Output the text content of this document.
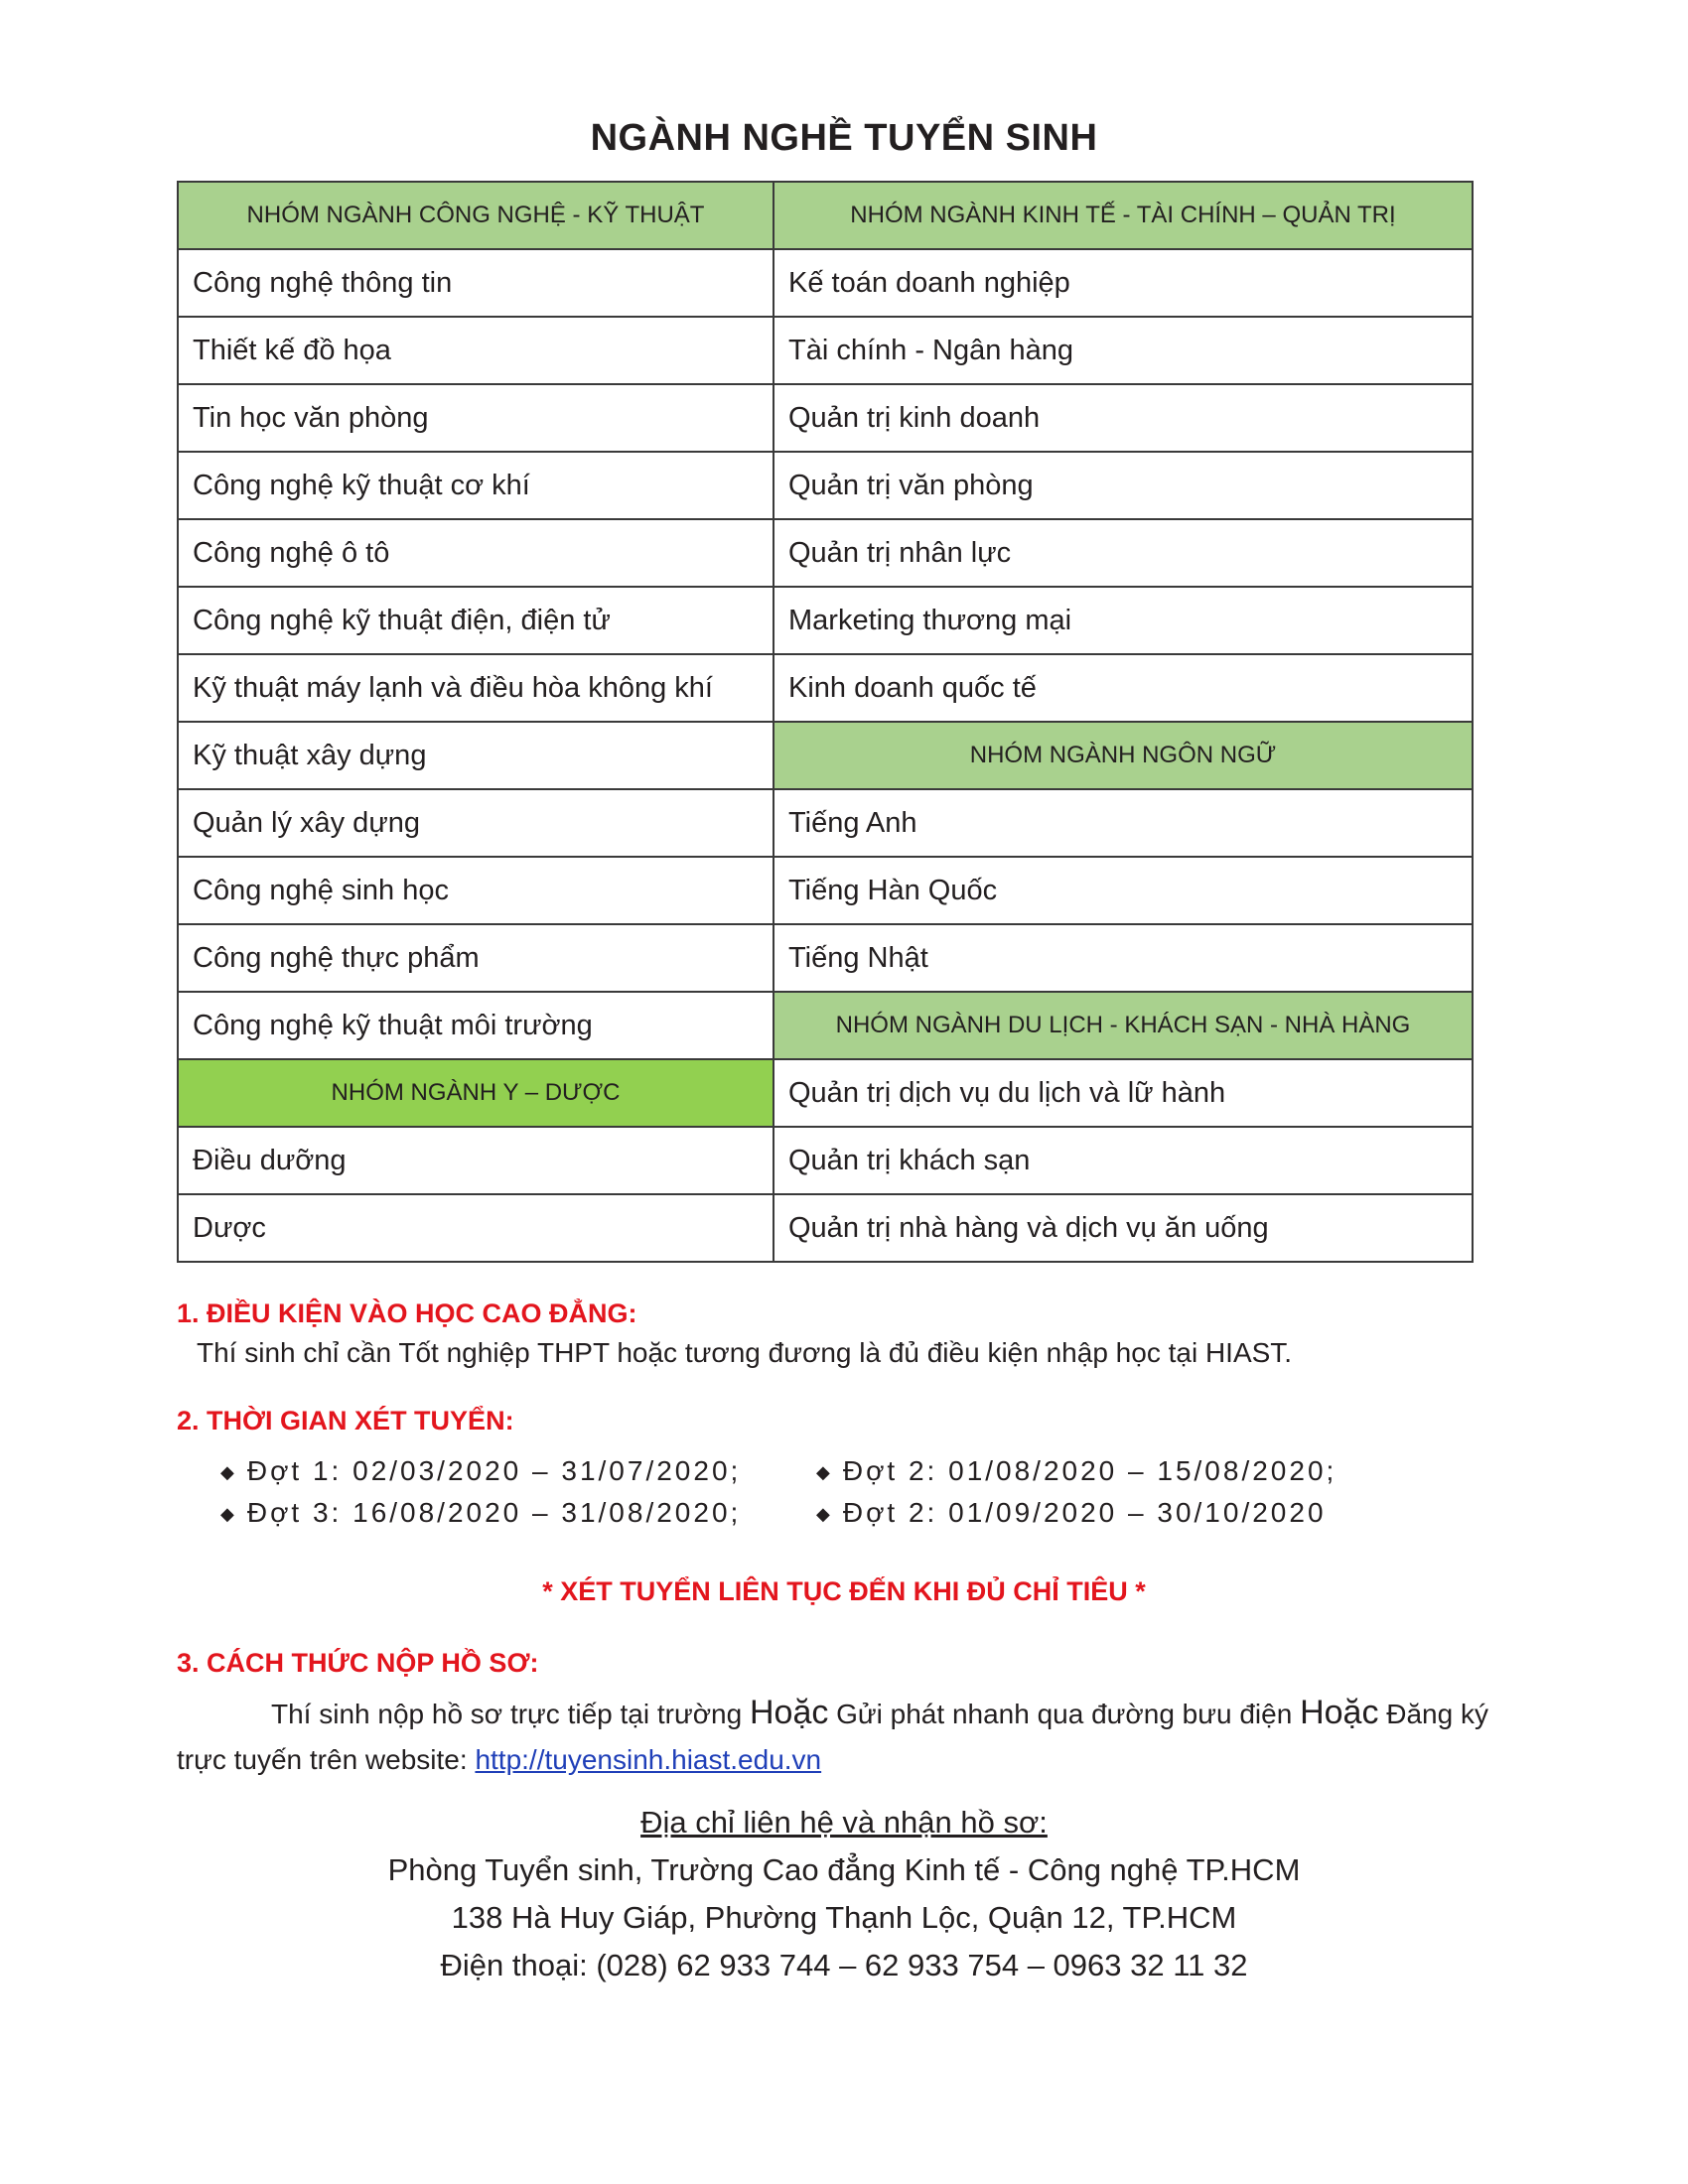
NGÀNH NGHỀ TUYỂN SINH
NHÓM NGÀNH CÔNG NGHỆ - KỸ THUẬT	NHÓM NGÀNH KINH TẾ - TÀI CHÍNH – QUẢN TRỊ
Công nghệ thông tin	Kế toán doanh nghiệp
Thiết kế đồ họa	Tài chính - Ngân hàng
Tin học văn phòng	Quản trị kinh doanh
Công nghệ kỹ thuật cơ khí	Quản trị văn phòng
Công nghệ ô tô	Quản trị nhân lực
Công nghệ kỹ thuật điện, điện tử	Marketing thương mại
Kỹ thuật máy lạnh và điều hòa không khí	Kinh doanh quốc tế
Kỹ thuật xây dựng	NHÓM NGÀNH NGÔN NGỮ
Quản lý xây dựng	Tiếng Anh
Công nghệ sinh học	Tiếng Hàn Quốc
Công nghệ thực phẩm	Tiếng Nhật
Công nghệ kỹ thuật môi trường	NHÓM NGÀNH DU LỊCH - KHÁCH SẠN - NHÀ HÀNG
NHÓM NGÀNH Y – DƯỢC	Quản trị dịch vụ du lịch và lữ hành
Điều dưỡng	Quản trị khách sạn
Dược	Quản trị nhà hàng và dịch vụ ăn uống
1. ĐIỀU KIỆN VÀO HỌC CAO ĐẲNG:
Thí sinh chỉ cần Tốt nghiệp THPT hoặc tương đương là đủ điều kiện nhập học tại HIAST.
2. THỜI GIAN XÉT TUYỂN:
◆ Đợt 1: 02/03/2020 – 31/07/2020;	◆ Đợt 2: 01/08/2020 – 15/08/2020;
◆ Đợt 3: 16/08/2020 – 31/08/2020;	◆ Đợt 2: 01/09/2020 – 30/10/2020
* XÉT TUYỂN LIÊN TỤC ĐẾN KHI ĐỦ CHỈ TIÊU *
3. CÁCH THỨC NỘP HỒ SƠ:
Thí sinh nộp hồ sơ trực tiếp tại trường Hoặc Gửi phát nhanh qua đường bưu điện Hoặc Đăng ký
trực tuyến trên website: http://tuyensinh.hiast.edu.vn
Địa chỉ liên hệ và nhận hồ sơ:
Phòng Tuyển sinh, Trường Cao đẳng Kinh tế - Công nghệ TP.HCM
138 Hà Huy Giáp, Phường Thạnh Lộc, Quận 12, TP.HCM
Điện thoại: (028) 62 933 744 – 62 933 754 – 0963 32 11 32
